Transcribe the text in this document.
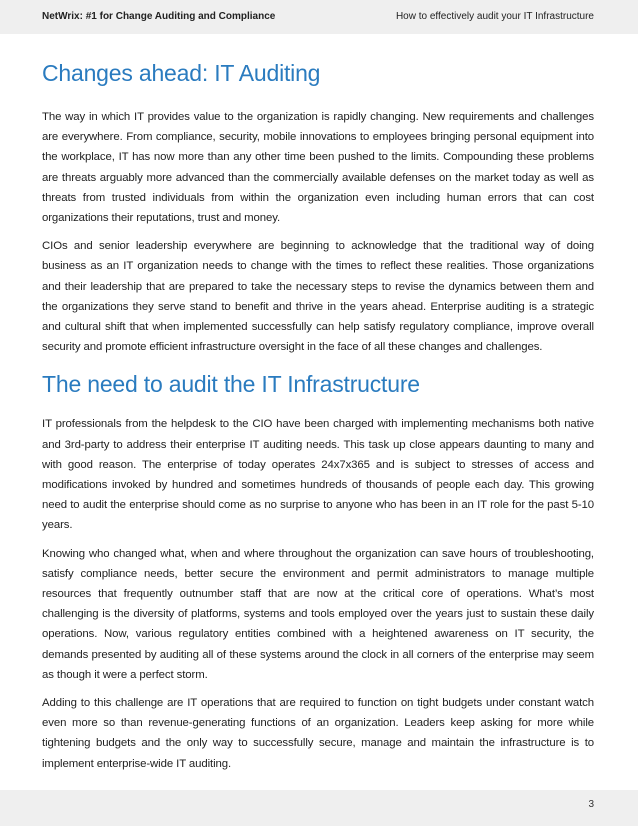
NetWrix: #1 for Change Auditing and Compliance	How to effectively audit your IT Infrastructure
Changes ahead: IT Auditing

The way in which IT provides value to the organization is rapidly changing. New requirements and challenges are everywhere. From compliance, security, mobile innovations to employees bringing personal equipment into the workplace, IT has now more than any other time been pushed to the limits. Compounding these problems are threats arguably more advanced than the commercially available defenses on the market today as well as threats from trusted individuals from within the organization even including human errors that can cost organizations their reputations, trust and money.

CIOs and senior leadership everywhere are beginning to acknowledge that the traditional way of doing business as an IT organization needs to change with the times to reflect these realities. Those organizations and their leadership that are prepared to take the necessary steps to revise the dynamics between them and the organizations they serve stand to benefit and thrive in the years ahead. Enterprise auditing is a strategic and cultural shift that when implemented successfully can help satisfy regulatory compliance, improve overall security and promote efficient infrastructure oversight in the face of all these changes and challenges.

The need to audit the IT Infrastructure

IT professionals from the helpdesk to the CIO have been charged with implementing mechanisms both native and 3rd-party to address their enterprise IT auditing needs. This task up close appears daunting to many and with good reason. The enterprise of today operates 24x7x365 and is subject to stresses of access and modifications invoked by hundred and sometimes hundreds of thousands of people each day. This growing need to audit the enterprise should come as no surprise to anyone who has been in an IT role for the past 5-10 years.

Knowing who changed what, when and where throughout the organization can save hours of troubleshooting, satisfy compliance needs, better secure the environment and permit administrators to manage multiple resources that frequently outnumber staff that are now at the critical core of operations. What’s most challenging is the diversity of platforms, systems and tools employed over the years just to sustain these daily operations. Now, various regulatory entities combined with a heightened awareness on IT security, the demands presented by auditing all of these systems around the clock in all corners of the enterprise may seem as though it were a perfect storm.

Adding to this challenge are IT operations that are required to function on tight budgets under constant watch even more so than revenue-generating functions of an organization. Leaders keep asking for more while tightening budgets and the only way to successfully secure, manage and maintain the infrastructure is to implement enterprise-wide IT auditing.

3
